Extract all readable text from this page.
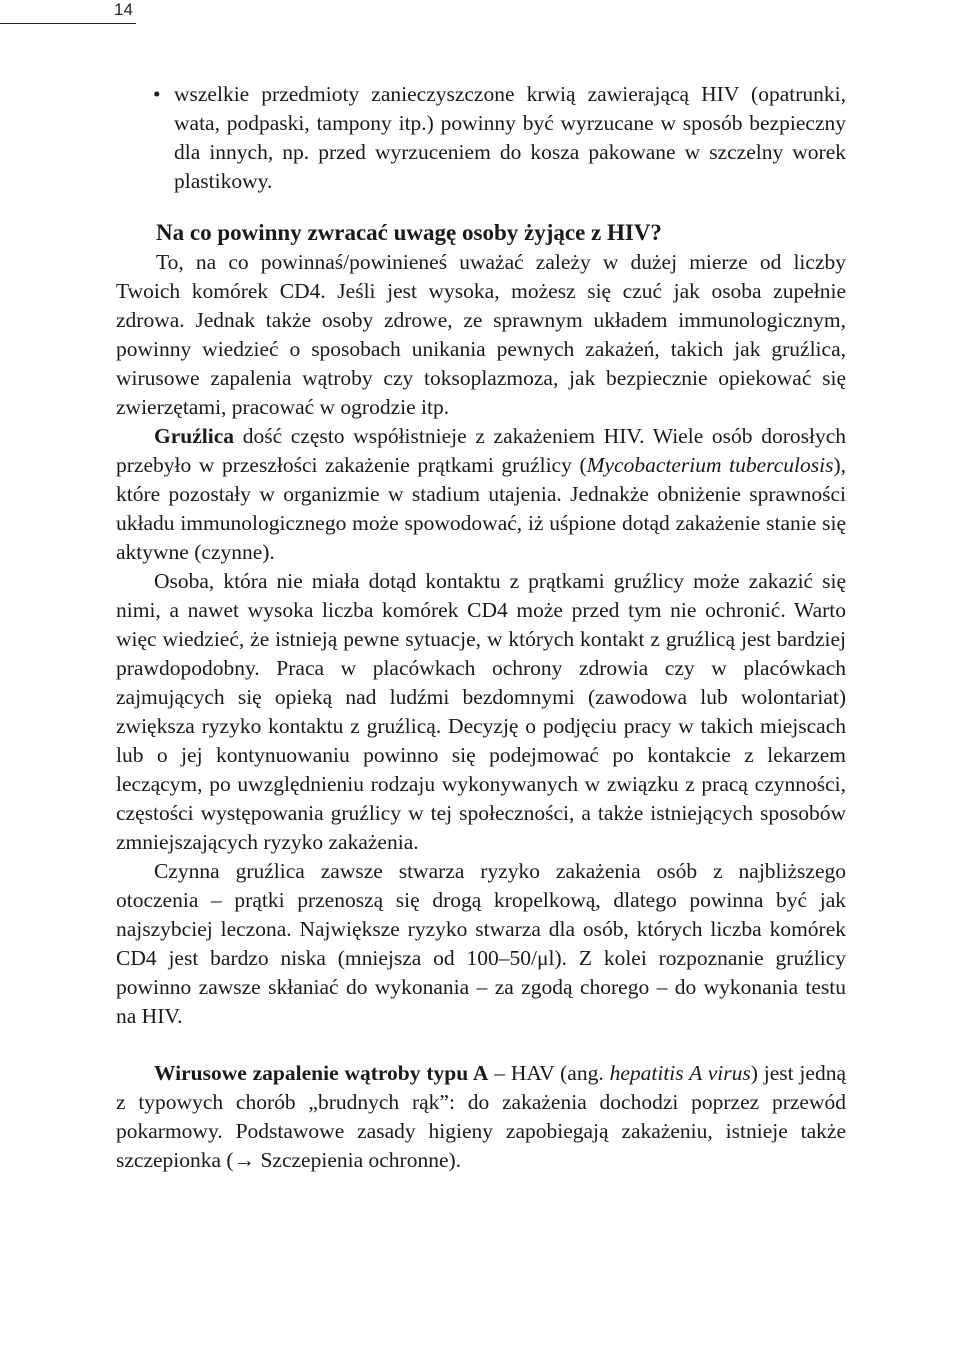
14
• wszelkie przedmioty zanieczyszczone krwią zawierającą HIV (opatrunki, wata, podpaski, tampony itp.) powinny być wyrzucane w sposób bezpieczny dla innych, np. przed wyrzuceniem do kosza pakowane w szczelny worek plastikowy.
Na co powinny zwracać uwagę osoby żyjące z HIV?

To, na co powinnaś/powinieneś uważać zależy w dużej mierze od liczby Twoich komórek CD4. Jeśli jest wysoka, możesz się czuć jak osoba zupełnie zdrowa. Jednak także osoby zdrowe, ze sprawnym układem immunologicznym, powinny wiedzieć o sposobach unikania pewnych zakażeń, takich jak gruźlica, wirusowe zapalenia wątroby czy toksoplazmoza, jak bezpiecznie opiekować się zwierzętami, pracować w ogrodzie itp.

Gruźlica dość często współistnieje z zakażeniem HIV. Wiele osób dorosłych przebyło w przeszłości zakażenie prątkami gruźlicy (Mycobacterium tuberculosis), które pozostały w organizmie w stadium utajenia. Jednakże obniżenie sprawności układu immunologicznego może spowodować, iż uśpione dotąd zakażenie stanie się aktywne (czynne).

Osoba, która nie miała dotąd kontaktu z prątkami gruźlicy może zakazić się nimi, a nawet wysoka liczba komórek CD4 może przed tym nie ochronić. Warto więc wiedzieć, że istnieją pewne sytuacje, w których kontakt z gruźlicą jest bardziej prawdopodobny. Praca w placówkach ochrony zdrowia czy w placówkach zajmujących się opieką nad ludźmi bezdomnymi (zawodowa lub wolontariat) zwiększa ryzyko kontaktu z gruźlicą. Decyzję o podjęciu pracy w takich miejscach lub o jej kontynuowaniu powinno się podejmować po kontakcie z lekarzem leczącym, po uwzględnieniu rodzaju wykonywanych w związku z pracą czynności, częstości występowania gruźlicy w tej społeczności, a także istniejących sposobów zmniejszających ryzyko zakażenia.

Czynna gruźlica zawsze stwarza ryzyko zakażenia osób z najbliższego otoczenia – prątki przenoszą się drogą kropelkową, dlatego powinna być jak najszybciej leczona. Największe ryzyko stwarza dla osób, których liczba komórek CD4 jest bardzo niska (mniejsza od 100–50/μl). Z kolei rozpoznanie gruźlicy powinno zawsze skłaniać do wykonania – za zgodą chorego – do wykonania testu na HIV.

Wirusowe zapalenie wątroby typu A – HAV (ang. hepatitis A virus) jest jedną z typowych chorób „brudnych rąk”: do zakażenia dochodzi poprzez przewód pokarmowy. Podstawowe zasady higieny zapobiegają zakażeniu, istnieje także szczepionka (→ Szczepienia ochronne).
